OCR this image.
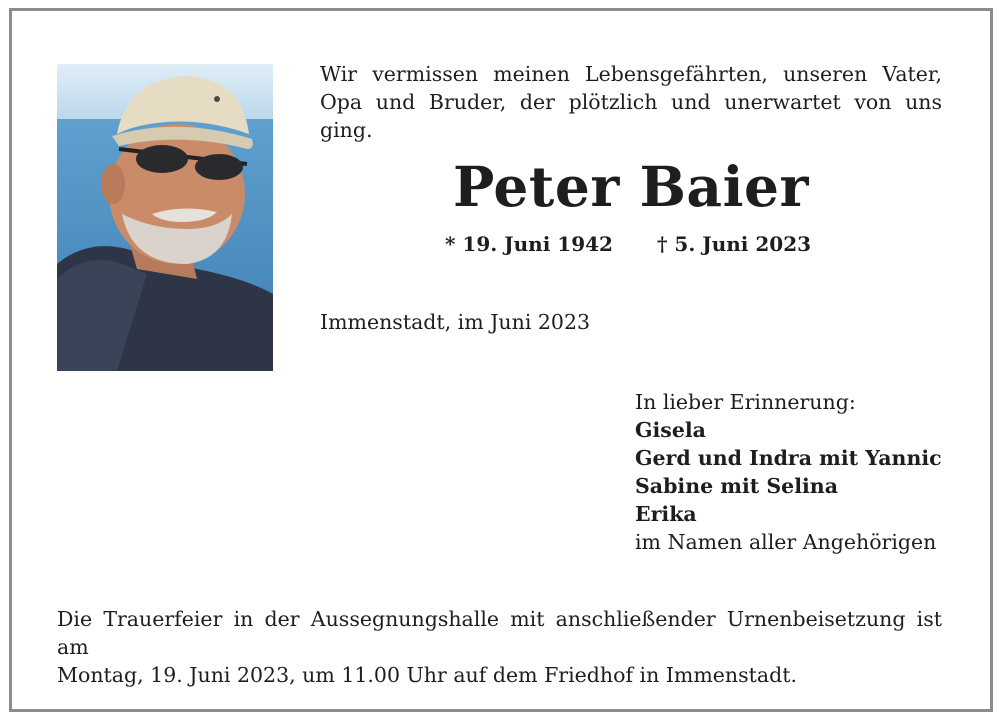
Wir vermissen meinen Lebensgefährten, unseren Vater,
Opa und Bruder, der plötzlich und unerwartet von uns ging.
Peter Baier
* 19. Juni 1942 † 5. Juni 2023
Immenstadt, im Juni 2023
In lieber Erinnerung:
Gisela
Gerd und Indra mit Yannic
Sabine mit Selina
Erika
im Namen aller Angehörigen
Die Trauerfeier in der Aussegnungshalle mit anschließender Urnenbeisetzung ist am
Montag, 19. Juni 2023, um 11.00 Uhr auf dem Friedhof in Immenstadt.
